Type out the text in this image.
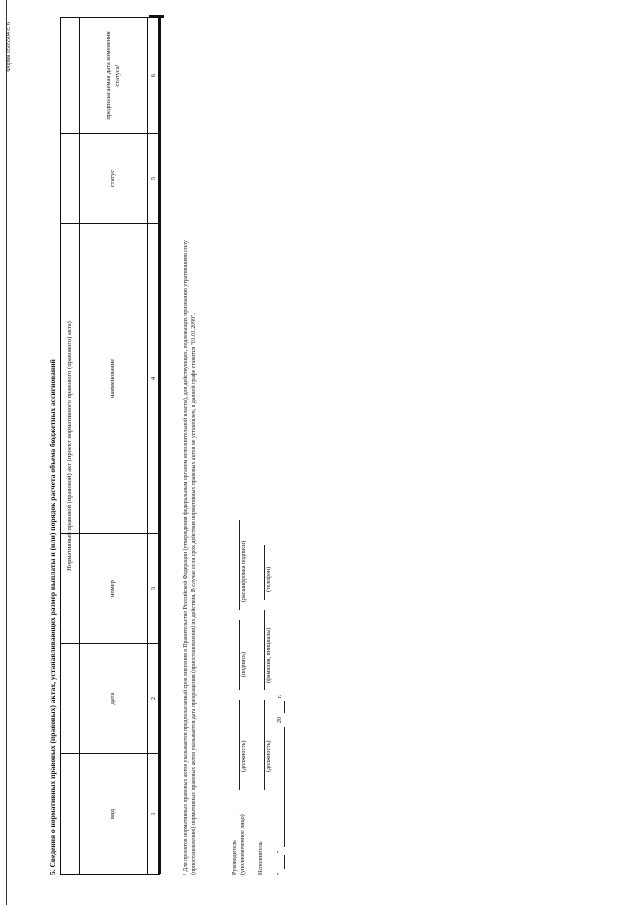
Форма 0505504 с. 6
5. Сведения о нормативных правовых (правовых) актах, устанавливающих размер выплаты и (или) порядок расчета объема бюджетных ассигнований	Нормативный правовой (правовой) акт (проект нормативного правового (правового) акта)
вид
дата
номер
наименование
статус
предполагаемая дата изменения статуса¹
1
2
3
4
5
6
¹ Для проектов нормативных правовых актов указывается предполагаемый срок внесения в Правительство Российской Федерации (утверждения федеральным органом исполнительной власти), для действующих, подлежащих признанию утратившими силу (приостановлению) нормативных правовых актов указывается дата прекращения (приостановления) их действия. В случае если срок действия нормативных правовых актов не установлен, в данной графе ставится "01.01.2099".	Руководитель (уполномоченное лицо)
(должность)
(подпись)
(расшифровка подписи)
Исполнитель
(должность)
(фамилия, инициалы)
(телефон)
"
"
20
г.
